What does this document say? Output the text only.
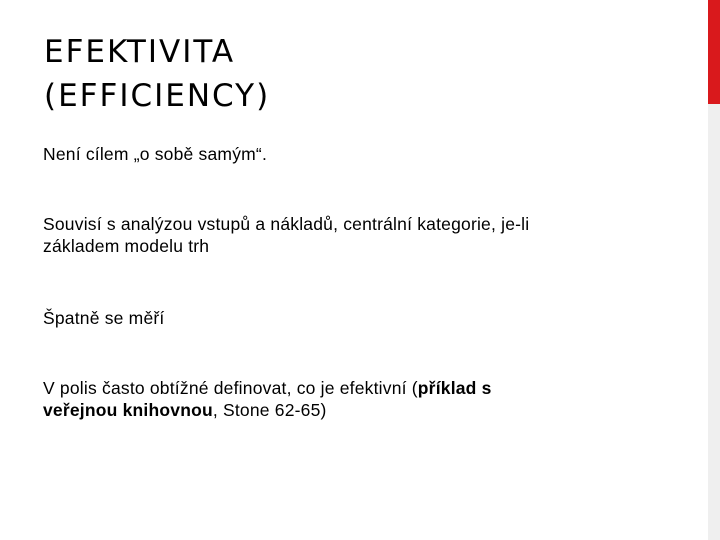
EFEKTIVITA
(EFFICIENCY)

Není cílem „o sobě samým“.

Souvisí s analýzou vstupů a nákladů, centrální kategorie, je-li
základem modelu trh

Špatně se měří

V polis často obtížné definovat, co je efektivní (příklad s
veřejnou knihovnou, Stone 62-65)
